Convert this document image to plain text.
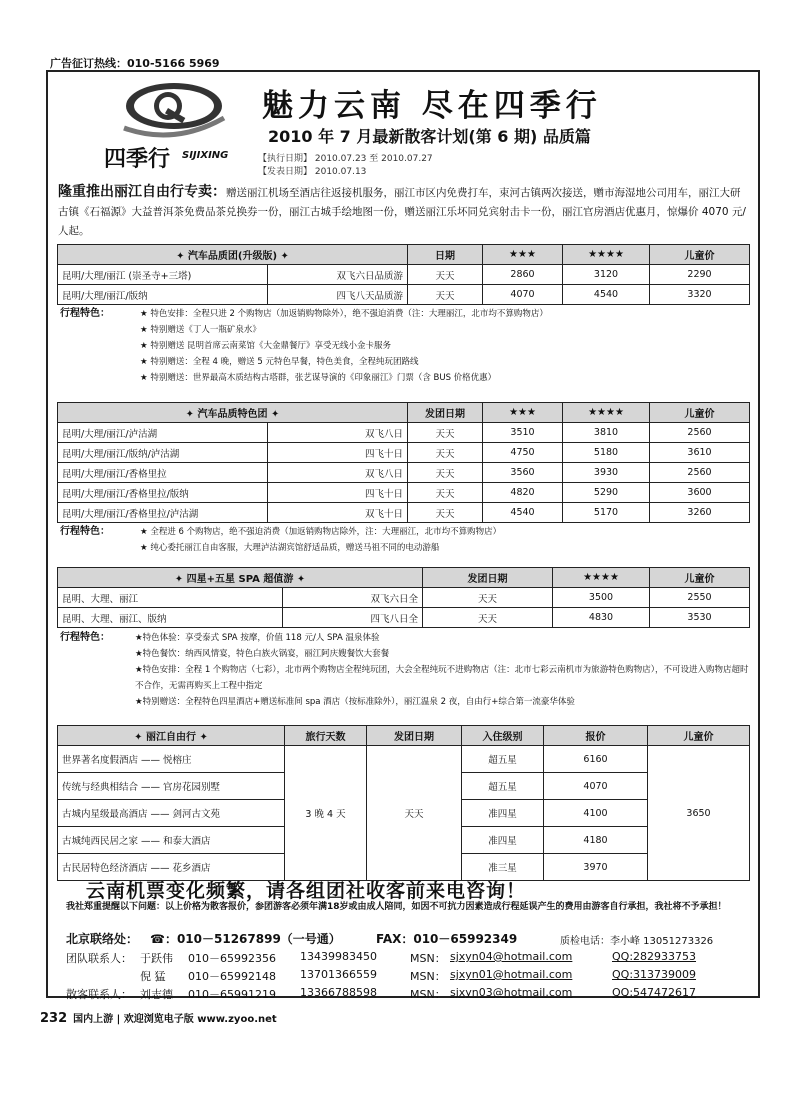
广告征订热线：010-5166 5969
四季行 SIJIXING
魅力云南 尽在四季行
2010 年 7 月最新散客计划(第 6 期) 品质篇
【执行日期】 2010.07.23 至 2010.07.27
【发表日期】 2010.07.13
隆重推出丽江自由行专卖：赠送丽江机场至酒店往返接机服务，丽江市区内免费打车，束河古镇两次接送，赠市海湿地公司用车，丽江大研古镇《石福源》大益普洱茶免费品茶兑换券一份，丽江古城手绘地图一份，赠送丽江乐坏同兑宾射击卡一份，丽江官房酒店优惠月，惊爆价 4070 元/人起。
✦ 汽车品质团(升级版) ✦		日期	★★★	★★★★	儿童价
昆明/大理/丽江 (崇圣寺+三塔)	双飞六日品质游	天天	2860	3120	2290
昆明/大理/丽江/版纳	四飞八天品质游	天天	4070	4540	3320
行程特色：	★ 特色安排：全程只进 2 个购物店（加返销购物除外），绝不强迫消费（注：大理丽江，北市均不算购物店）
★ 特别赠送《丁人一瓶矿泉水》
★ 特别赠送 昆明首席云南菜馆《大金鼎餐厅》享受无线小金卡服务
★ 特别赠送：全程 4 晚，赠送 5 元特色早餐，特色美食，全程纯玩团路线
★ 特别赠送：世界最高木质结构古塔群，张艺谋导演的《印象丽江》门票（含 BUS 价格优惠）
✦ 汽车品质特色团 ✦		发团日期	★★★	★★★★	儿童价
昆明/大理/丽江/泸沽湖	双飞八日	天天	3510	3810	2560
昆明/大理/丽江/版纳/泸沽湖	四飞十日	天天	4750	5180	3610
昆明/大理/丽江/香格里拉	双飞八日	天天	3560	3930	2560
昆明/大理/丽江/香格里拉/版纳	四飞十日	天天	4820	5290	3600
昆明/大理/丽江/香格里拉/泸沽湖	双飞十日	天天	4540	5170	3260
行程特色：	★ 全程进 6 个购物店，绝不强迫消费（加返销购物店除外，注：大理丽江，北市均不算购物店）
★ 纯心委托丽江自由客服，大理泸沽湖宾馆舒适品质，赠送马祖不同的电动游船
✦ 四星+五星 SPA 超值游 ✦		发团日期	★★★★	儿童价
昆明、大理、丽江	双飞六日全	天天	3500	2550
昆明、大理、丽江、版纳	四飞八日全	天天	4830	3530
行程特色：	★特色体验：享受泰式 SPA 按摩，价值 118 元/人 SPA 温泉体验
★特色餐饮：纳西风情宴，特色白族火锅宴，丽江阿庆嫂餐饮大套餐
★特色安排：全程 1 个购物店（七彩），北市两个购物店全程纯玩团，大会全程纯玩不进购物店（注：北市七彩云南机市为旅游特色购物店），不可设进入购物店超时不合作，无需再购买上工程中指定
★特别赠送：全程特色四星酒店+赠送标准间 spa 酒店（按标准除外），丽江温泉 2 夜，自由行+综合第一流豪华体验
✦ 丽江自由行 ✦	旅行天数	发团日期	入住级别	报价	儿童价
世界著名度假酒店 —— 悦榕庄	3 晚 4 天	天天	超五星	6160	3650
传统与经典相结合 —— 官房花园别墅			超五星	4070	
古城内星级最高酒店 —— 剑河古文苑			准四星	4100	
古城纯西民居之家 —— 和泰大酒店			准四星	4180	
古民居特色经济酒店 —— 花乡酒店			准三星	3970	
云南机票变化频繁，请各组团社收客前来电咨询！
我社郑重提醒以下问题：以上价格为散客报价，参团游客必须年满18岁或由成人陪同，如因不可抗力因素造成行程延误产生的费用由游客自行承担，我社将不予承担！
北京联络处： ☎：010－51267899（一号通）	FAX：010－65992349	质检电话：李小峰 13051273326
团队联系人： 于跃伟 010－65992356 13439983450	MSN： sjxyn04@hotmail.com	QQ:282933753
倪 猛 010－65992148 13701366559	MSN： sjxyn01@hotmail.com	QQ:313739009
散客联系人： 刘志德 010－65991219 13366788598	MSN： sjxyn03@hotmail.com	QQ:547472617
232 国内上游 | 欢迎浏览电子版 www.zyoo.net
